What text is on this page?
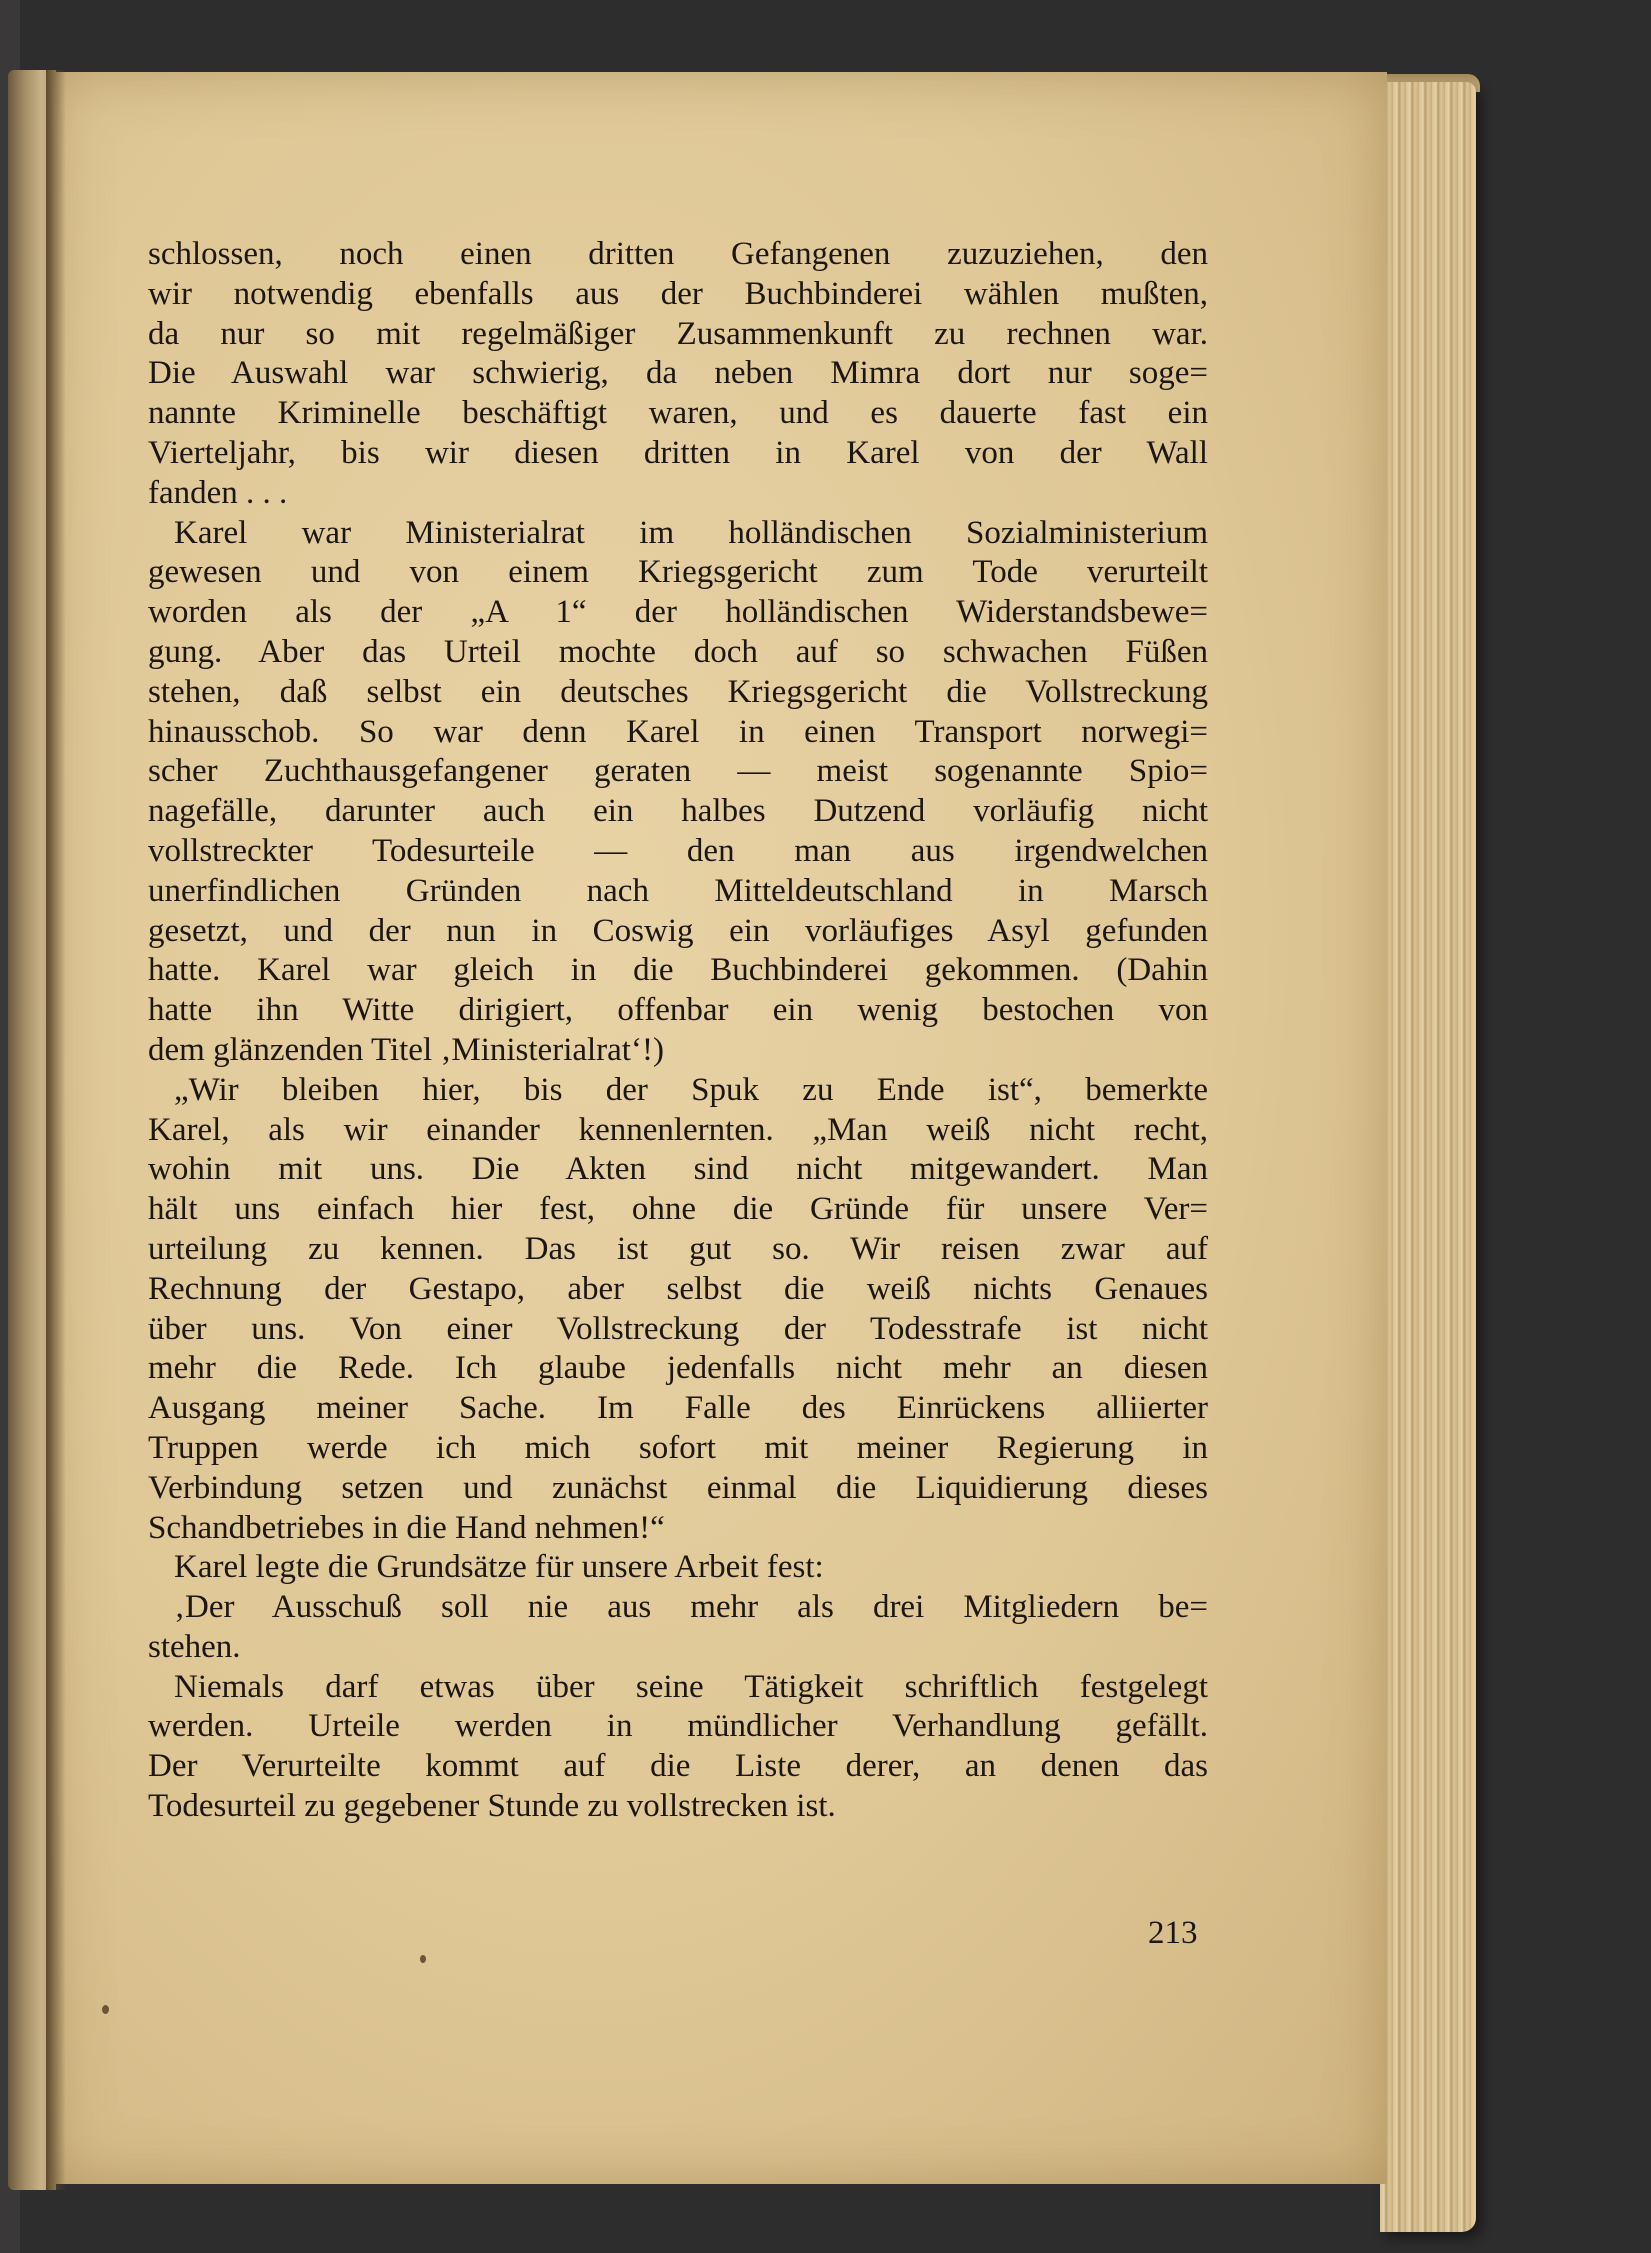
schlossen, noch einen dritten Gefangenen zuzuziehen, den
wir notwendig ebenfalls aus der Buchbinderei wählen mußten,
da nur so mit regelmäßiger Zusammenkunft zu rechnen war.
Die Auswahl war schwierig, da neben Mimra dort nur soge=
nannte Kriminelle beschäftigt waren, und es dauerte fast ein
Vierteljahr, bis wir diesen dritten in Karel von der Wall
fanden . . .
Karel war Ministerialrat im holländischen Sozialministerium
gewesen und von einem Kriegsgericht zum Tode verurteilt
worden als der „A 1“ der holländischen Widerstandsbewe=
gung. Aber das Urteil mochte doch auf so schwachen Füßen
stehen, daß selbst ein deutsches Kriegsgericht die Vollstreckung
hinausschob. So war denn Karel in einen Transport norwegi=
scher Zuchthausgefangener geraten — meist sogenannte Spio=
nagefälle, darunter auch ein halbes Dutzend vorläufig nicht
vollstreckter Todesurteile — den man aus irgendwelchen
unerfindlichen Gründen nach Mitteldeutschland in Marsch
gesetzt, und der nun in Coswig ein vorläufiges Asyl gefunden
hatte. Karel war gleich in die Buchbinderei gekommen. (Dahin
hatte ihn Witte dirigiert, offenbar ein wenig bestochen von
dem glänzenden Titel ‚Ministerialrat‘!)
„Wir bleiben hier, bis der Spuk zu Ende ist“, bemerkte
Karel, als wir einander kennenlernten. „Man weiß nicht recht,
wohin mit uns. Die Akten sind nicht mitgewandert. Man
hält uns einfach hier fest, ohne die Gründe für unsere Ver=
urteilung zu kennen. Das ist gut so. Wir reisen zwar auf
Rechnung der Gestapo, aber selbst die weiß nichts Genaues
über uns. Von einer Vollstreckung der Todesstrafe ist nicht
mehr die Rede. Ich glaube jedenfalls nicht mehr an diesen
Ausgang meiner Sache. Im Falle des Einrückens alliierter
Truppen werde ich mich sofort mit meiner Regierung in
Verbindung setzen und zunächst einmal die Liquidierung dieses
Schandbetriebes in die Hand nehmen!“
Karel legte die Grundsätze für unsere Arbeit fest:
‚Der Ausschuß soll nie aus mehr als drei Mitgliedern be=
stehen.
Niemals darf etwas über seine Tätigkeit schriftlich festgelegt
werden. Urteile werden in mündlicher Verhandlung gefällt.
Der Verurteilte kommt auf die Liste derer, an denen das
Todesurteil zu gegebener Stunde zu vollstrecken ist.
213
